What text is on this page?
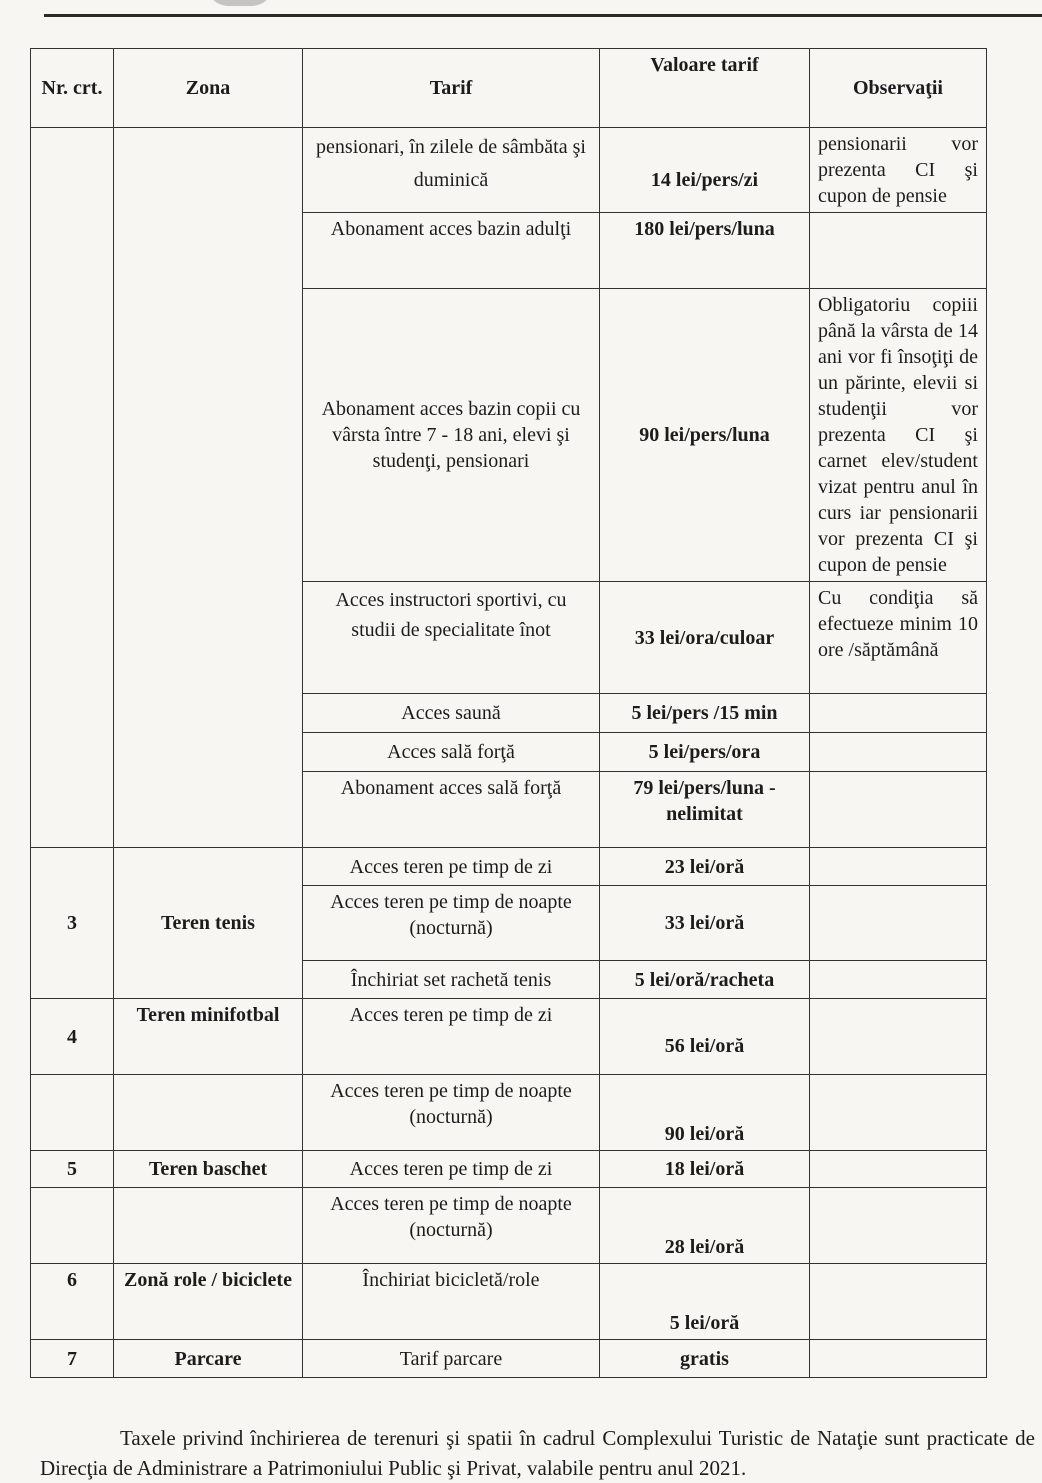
Nr. crt.	Zona	Tarif	Valoare tarif	Observaţii
		pensionari, în zilele de sâmbăta şi duminică	14 lei/pers/zi	pensionarii vor prezenta CI şi cupon de pensie
		Abonament acces bazin adulţi	180 lei/pers/luna	
		Abonament acces bazin copii cu vârsta între 7 - 18 ani, elevi şi studenţi, pensionari	90 lei/pers/luna	Obligatoriu copiii până la vârsta de 14 ani vor fi însoţiţi de un părinte, elevii si studenţii vor prezenta CI şi carnet elev/student vizat pentru anul în curs iar pensionarii vor prezenta CI şi cupon de pensie
		Acces instructori sportivi, cu studii de specialitate înot	33 lei/ora/culoar	Cu condiţia să efectueze minim 10 ore /săptămână
		Acces saună	5 lei/pers /15 min	
		Acces sală forţă	5 lei/pers/ora	
		Abonament acces sală forţă	79 lei/pers/luna - nelimitat	
3	Teren tenis	Acces teren pe timp de zi	23 lei/oră	
		Acces teren pe timp de noapte (nocturnă)	33 lei/oră	
		Închiriat set rachetă tenis	5 lei/oră/racheta	
4	Teren minifotbal	Acces teren pe timp de zi	56 lei/oră	
		Acces teren pe timp de noapte (nocturnă)	90 lei/oră	
5	Teren baschet	Acces teren pe timp de zi	18 lei/oră	
		Acces teren pe timp de noapte (nocturnă)	28 lei/oră	
6	Zonă role / biciclete	Închiriat bicicletă/role	5 lei/oră	
7	Parcare	Tarif parcare	gratis	

Taxele privind închirierea de terenuri şi spatii în cadrul Complexului Turistic de Nataţie sunt practicate de Direcţia de Administrare a Patrimoniului Public şi Privat, valabile pentru anul 2021.
